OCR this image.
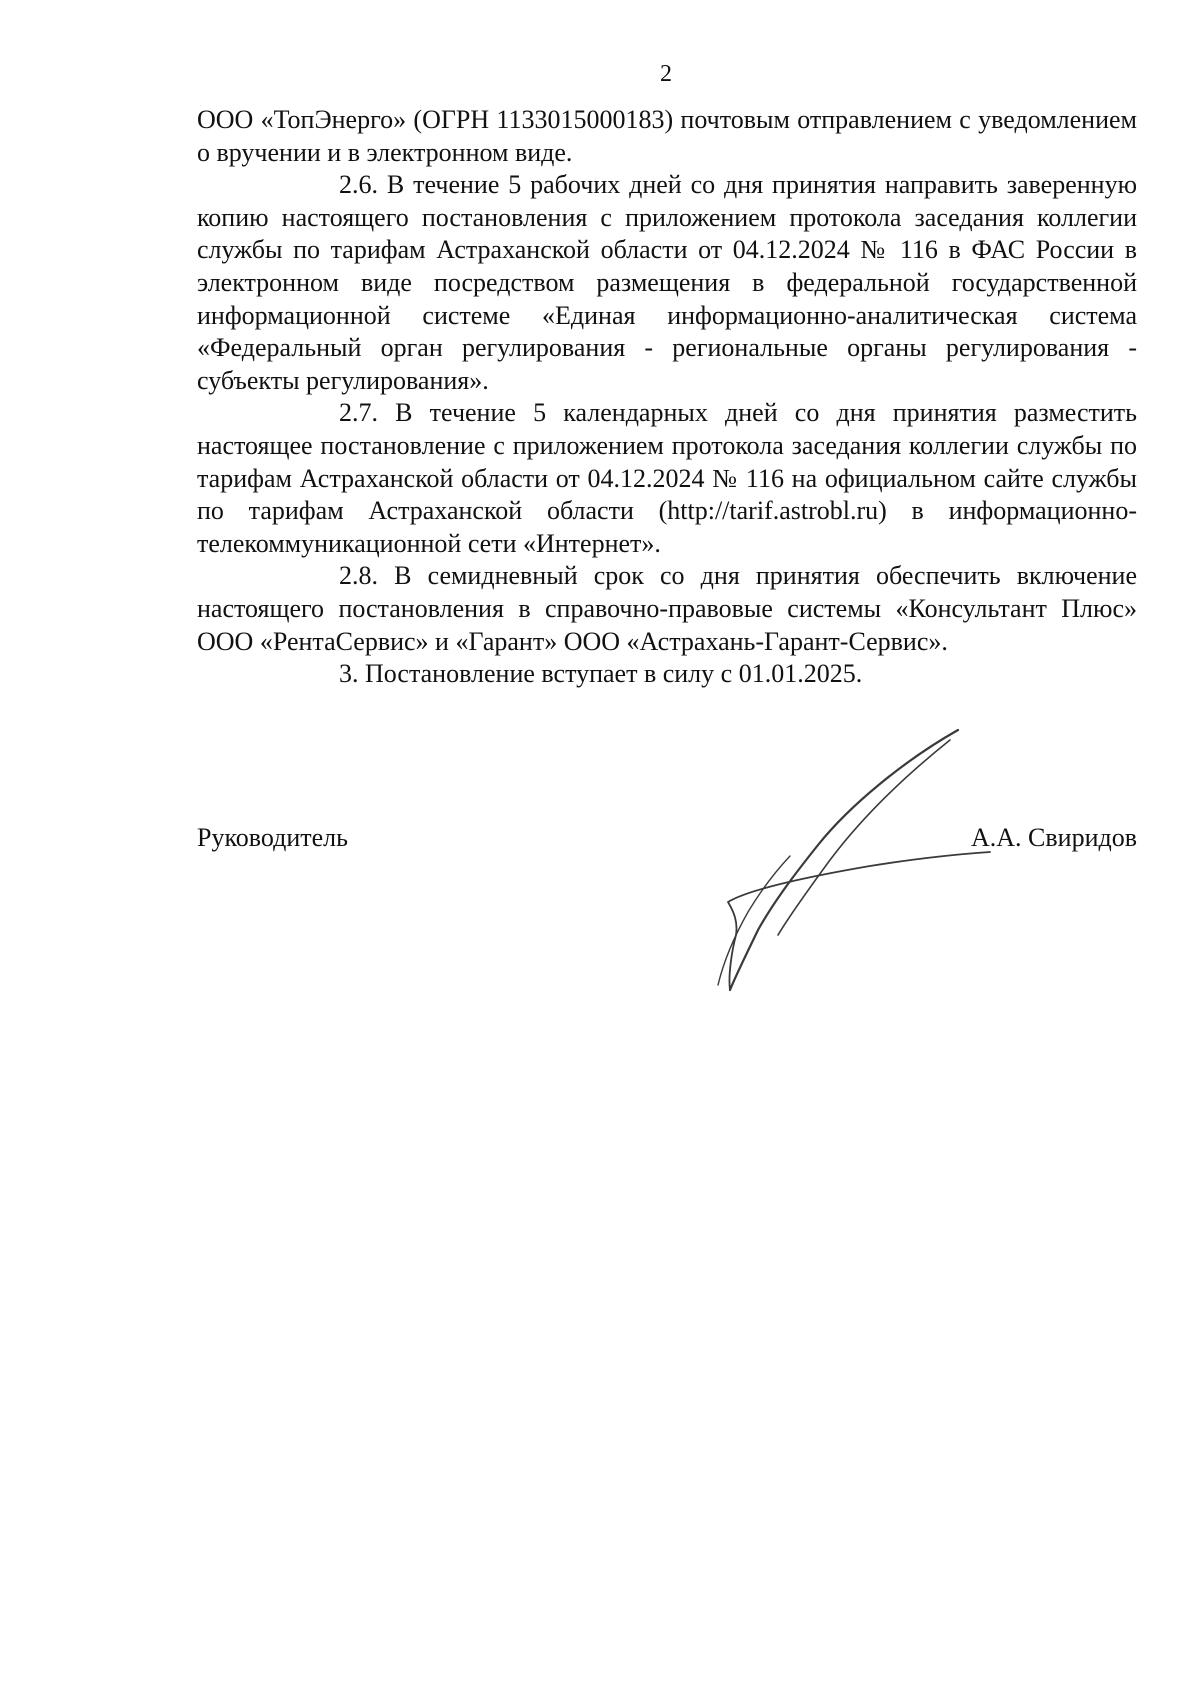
2

ООО «ТопЭнерго» (ОГРН 1133015000183) почтовым отправлением с уведомлением о вручении и в электронном виде.

2.6. В течение 5 рабочих дней со дня принятия направить заверенную копию настоящего постановления с приложением протокола заседания коллегии службы по тарифам Астраханской области от 04.12.2024 № 116 в ФАС России в электронном виде посредством размещения в федеральной государственной информационной системе «Единая информационно-аналитическая система «Федеральный орган регулирования - региональные органы регулирования - субъекты регулирования».

2.7. В течение 5 календарных дней со дня принятия разместить настоящее постановление с приложением протокола заседания коллегии службы по тарифам Астраханской области от 04.12.2024 № 116 на официальном сайте службы по тарифам Астраханской области (http://tarif.astrobl.ru) в информационно-телекоммуникационной сети «Интернет».

2.8. В семидневный срок со дня принятия обеспечить включение настоящего постановления в справочно-правовые системы «Консультант Плюс» ООО «РентаСервис» и «Гарант» ООО «Астрахань-Гарант-Сервис».

3. Постановление вступает в силу с 01.01.2025.

Руководитель	А.А. Свиридов
